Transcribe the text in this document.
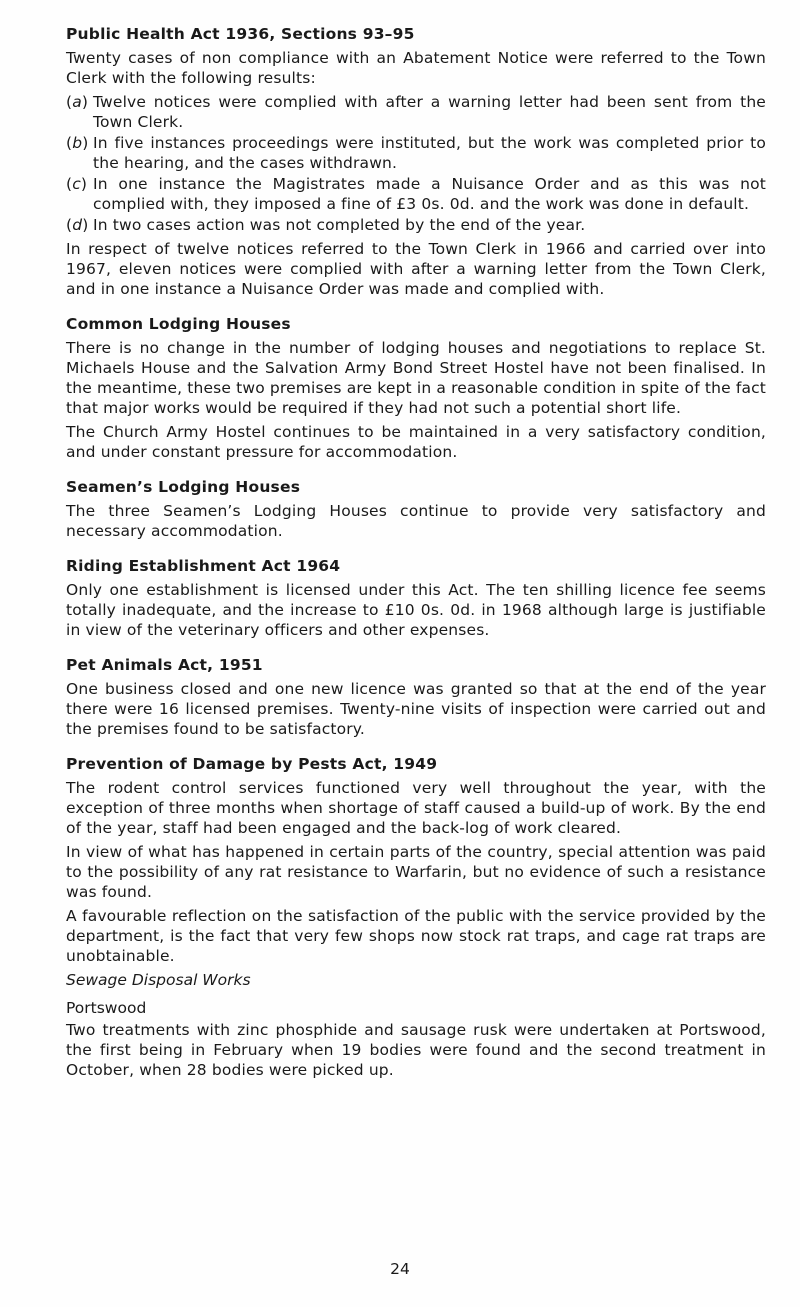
Public Health Act 1936, Sections 93–95

Twenty cases of non compliance with an Abatement Notice were referred to the Town Clerk with the following results:

(a) Twelve notices were complied with after a warning letter had been sent from the Town Clerk.
(b) In five instances proceedings were instituted, but the work was completed prior to the hearing, and the cases withdrawn.
(c) In one instance the Magistrates made a Nuisance Order and as this was not complied with, they imposed a fine of £3 0s. 0d. and the work was done in default.
(d) In two cases action was not completed by the end of the year.

In respect of twelve notices referred to the Town Clerk in 1966 and carried over into 1967, eleven notices were complied with after a warning letter from the Town Clerk, and in one instance a Nuisance Order was made and complied with.

Common Lodging Houses

There is no change in the number of lodging houses and negotiations to replace St. Michaels House and the Salvation Army Bond Street Hostel have not been finalised. In the meantime, these two premises are kept in a reasonable condition in spite of the fact that major works would be required if they had not such a potential short life.

The Church Army Hostel continues to be maintained in a very satisfactory condition, and under constant pressure for accommodation.

Seamen’s Lodging Houses

The three Seamen’s Lodging Houses continue to provide very satisfactory and necessary accommodation.

Riding Establishment Act 1964

Only one establishment is licensed under this Act. The ten shilling licence fee seems totally inadequate, and the increase to £10 0s. 0d. in 1968 although large is justifiable in view of the veterinary officers and other expenses.

Pet Animals Act, 1951

One business closed and one new licence was granted so that at the end of the year there were 16 licensed premises. Twenty-nine visits of inspection were carried out and the premises found to be satisfactory.

Prevention of Damage by Pests Act, 1949

The rodent control services functioned very well throughout the year, with the exception of three months when shortage of staff caused a build-up of work. By the end of the year, staff had been engaged and the back-log of work cleared.

In view of what has happened in certain parts of the country, special attention was paid to the possibility of any rat resistance to Warfarin, but no evidence of such a resistance was found.

A favourable reflection on the satisfaction of the public with the service provided by the department, is the fact that very few shops now stock rat traps, and cage rat traps are unobtainable.

Sewage Disposal Works
Portswood

Two treatments with zinc phosphide and sausage rusk were undertaken at Portswood, the first being in February when 19 bodies were found and the second treatment in October, when 28 bodies were picked up.

24
